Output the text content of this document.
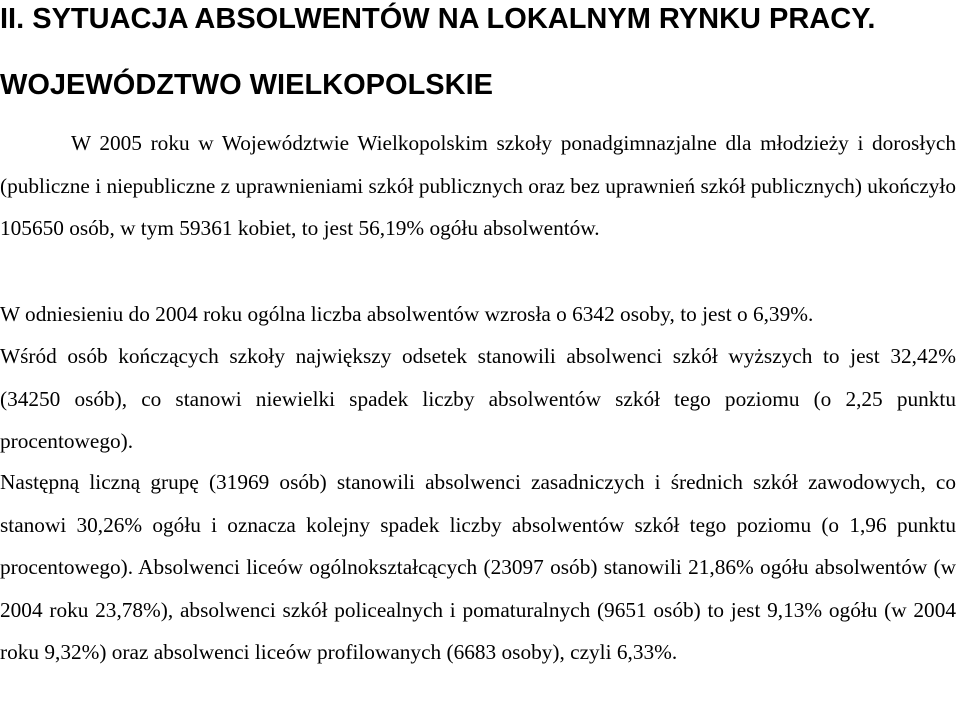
II. SYTUACJA ABSOLWENTÓW NA LOKALNYM RYNKU PRACY.
WOJEWÓDZTWO WIELKOPOLSKIE

W 2005 roku w Województwie Wielkopolskim szkoły ponadgimnazjalne dla młodzieży i dorosłych (publiczne i niepubliczne z uprawnieniami szkół publicznych oraz bez uprawnień szkół publicznych) ukończyło 105650 osób, w tym 59361 kobiet, to jest 56,19% ogółu absolwentów.

W odniesieniu do 2004 roku ogólna liczba absolwentów wzrosła o 6342 osoby, to jest o 6,39%.

Wśród osób kończących szkoły największy odsetek stanowili absolwenci szkół wyższych to jest 32,42% (34250 osób), co stanowi niewielki spadek liczby absolwentów szkół tego poziomu (o 2,25 punktu procentowego).

Następną liczną grupę (31969 osób) stanowili absolwenci zasadniczych i średnich szkół zawodowych, co stanowi 30,26% ogółu i oznacza kolejny spadek liczby absolwentów szkół tego poziomu (o 1,96 punktu procentowego). Absolwenci liceów ogólnokształcących (23097 osób) stanowili 21,86% ogółu absolwentów (w 2004 roku 23,78%), absolwenci szkół policealnych i pomaturalnych (9651 osób) to jest 9,13% ogółu (w 2004 roku 9,32%) oraz absolwenci liceów profilowanych (6683 osoby), czyli 6,33%.
